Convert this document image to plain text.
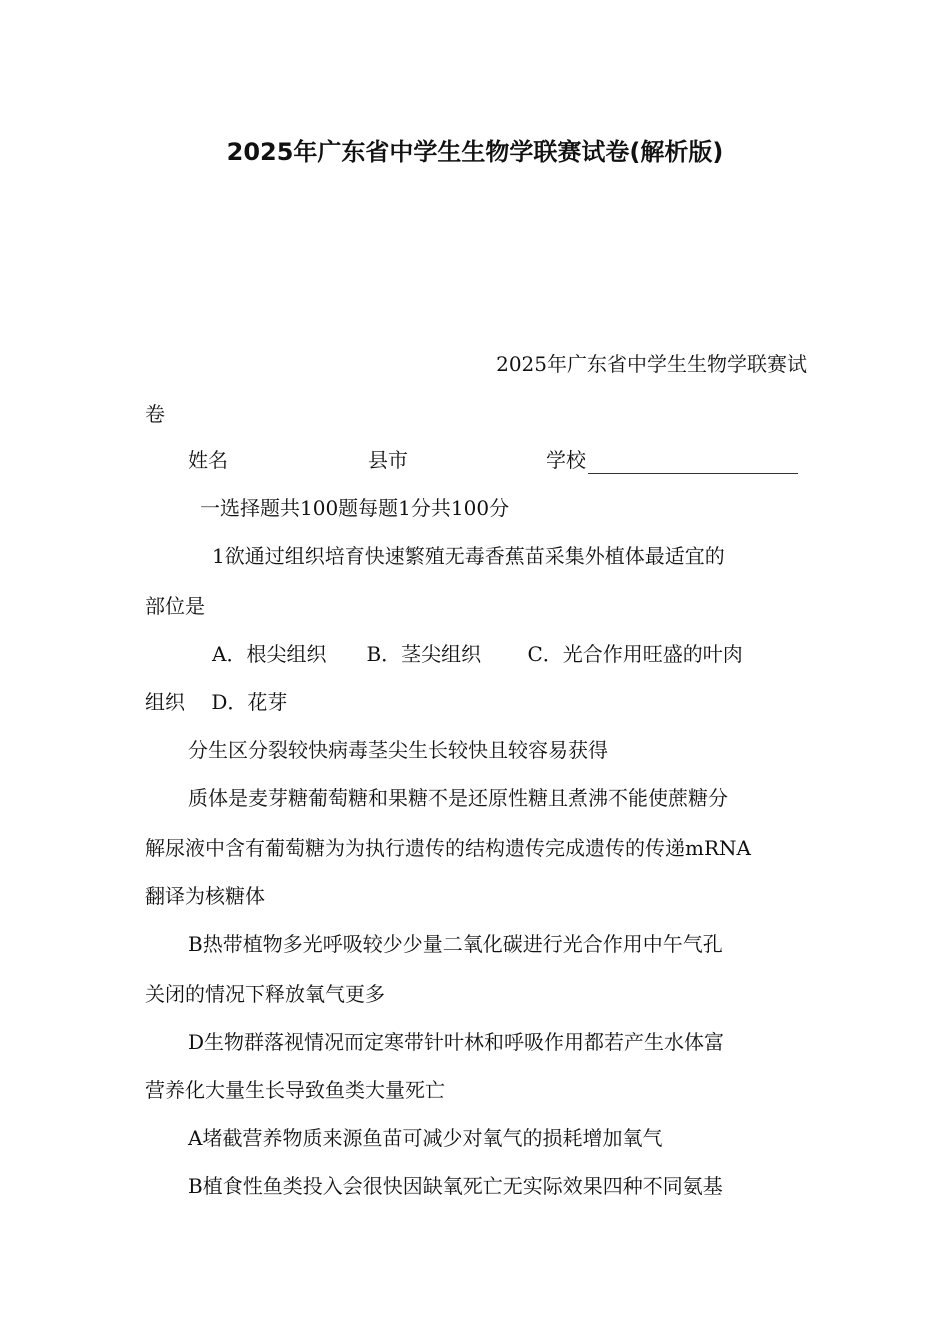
2025年广东省中学生生物学联赛试卷(解析版)
2025年广东省中学生生物学联赛试
卷
姓名	县市	学校
一选择题共100题每题1分共100分
1欲通过组织培育快速繁殖无毒香蕉苗采集外植体最适宜的
部位是
A．根尖组织　　B．茎尖组织　　 C．光合作用旺盛的叶肉
组织　 D．花芽
分生区分裂较快病毒茎尖生长较快且较容易获得
质体是麦芽糖葡萄糖和果糖不是还原性糖且煮沸不能使蔗糖分
解尿液中含有葡萄糖为为执行遗传的结构遗传完成遗传的传递mRNA
翻译为核糖体
B热带植物多光呼吸较少少量二氧化碳进行光合作用中午气孔
关闭的情况下释放氧气更多
D生物群落视情况而定寒带针叶林和呼吸作用都若产生水体富
营养化大量生长导致鱼类大量死亡
A堵截营养物质来源鱼苗可减少对氧气的损耗增加氧气
B植食性鱼类投入会很快因缺氧死亡无实际效果四种不同氨基
